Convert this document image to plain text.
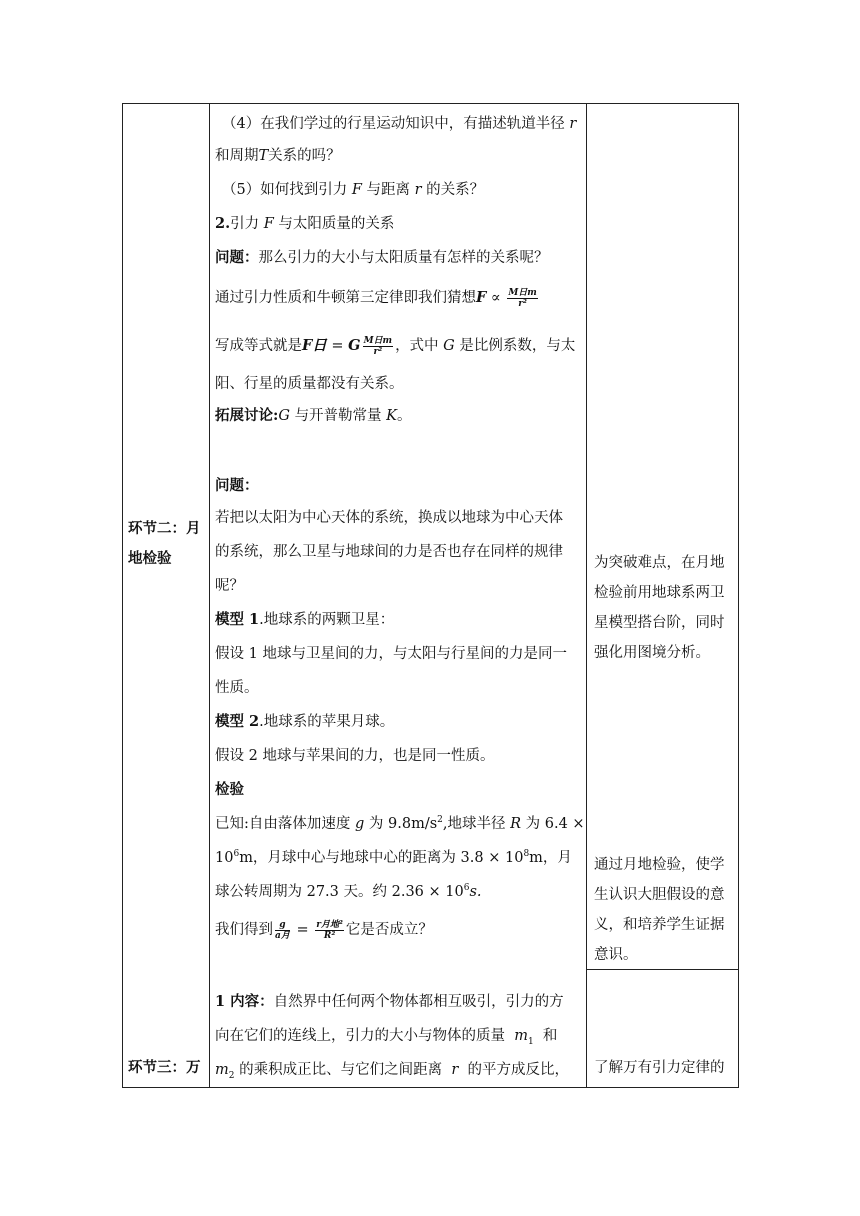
环节二：月地检验
环节三：万
（4）在我们学过的行星运动知识中，有描述轨道半径 r
和周期T关系的吗？
（5）如何找到引力 F 与距离 r 的关系？
2.引力 F 与太阳质量的关系
问题：那么引力的大小与太阳质量有怎样的关系呢？
通过引力性质和牛顿第三定律即我们猜想$F \propto \frac{\text{M日m}}{\text{r²}}$
写成等式就是F日 = G $\frac{\text{M日m}}{\text{r²}}$ ，式中 G 是比例系数，与太
阳、行星的质量都没有关系。
拓展讨论:G 与开普勒常量 K。
问题：
若把以太阳为中心天体的系统，换成以地球为中心天体
的系统，那么卫星与地球间的力是否也存在同样的规律
呢？
模型 1.地球系的两颗卫星：
假设 1 地球与卫星间的力，与太阳与行星间的力是同一
性质。
模型 2.地球系的苹果月球。
假设 2 地球与苹果间的力，也是同一性质。
检验
已知:自由落体加速度 g 为 $9.8m/s^2$,地球半径 R 为 6.4 ×
$10^6m$，月球中心与地球中心的距离为 $3.8 \times 10^8m$，月
球公转周期为 27.3 天。约 $2.36 \times 10^6s$.
我们得到 $\frac{g}{\text{a月}} = \frac{\text{r月地²}}{\text{R²}}$ 它是否成立？
1 内容：自然界中任何两个物体都相互吸引，引力的方
向在它们的连线上，引力的大小与物体的质量 $m_1$ 和
$m_2$ 的乘积成正比、与它们之间距离 r 的平方成反比，
为突破难点，在月地检验前用地球系两卫星模型搭台阶，同时强化用图境分析。
通过月地检验，使学生认识大胆假设的意义，和培养学生证据意识。
了解万有引力定律的
